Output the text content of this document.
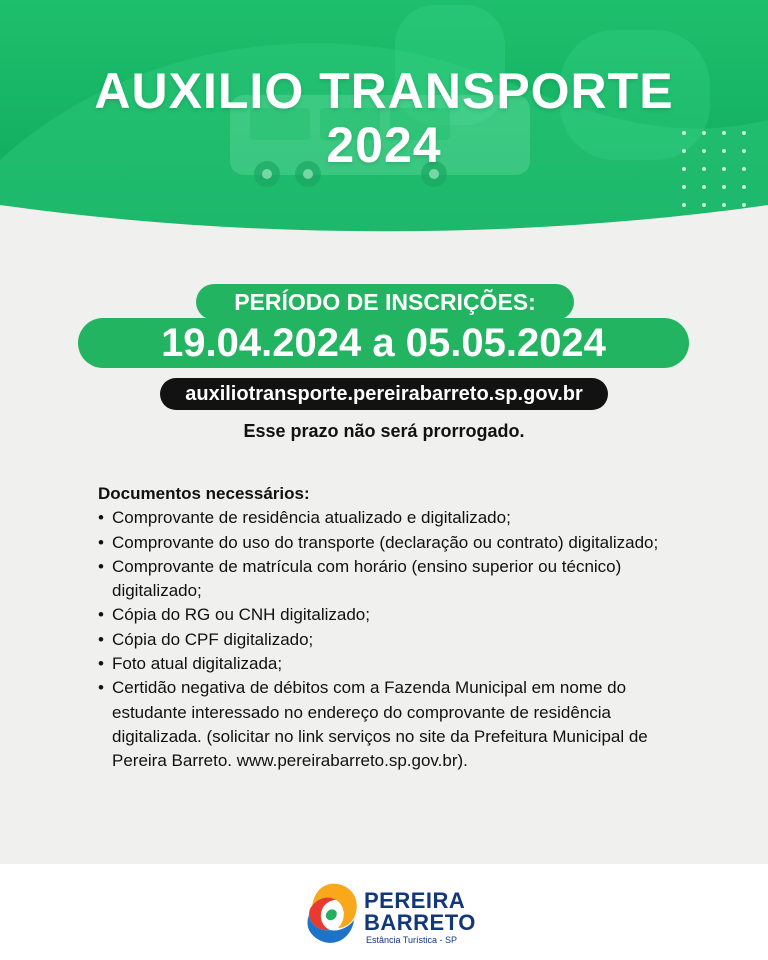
AUXILIO TRANSPORTE
2024
PERÍODO DE INSCRIÇÕES:
19.04.2024 a 05.05.2024
auxiliotransporte.pereirabarreto.sp.gov.br
Esse prazo não será prorrogado.
Documentos necessários:
• Comprovante de residência atualizado e digitalizado;
• Comprovante do uso do transporte (declaração ou contrato) digitalizado;
• Comprovante de matrícula com horário (ensino superior ou técnico) digitalizado;
• Cópia do RG ou CNH digitalizado;
• Cópia do CPF digitalizado;
• Foto atual digitalizada;
• Certidão negativa de débitos com a Fazenda Municipal em nome do estudante interessado no endereço do comprovante de residência digitalizada. (solicitar no link serviços no site da Prefeitura Municipal de Pereira Barreto. www.pereirabarreto.sp.gov.br).
PEREIRA
BARRETO
Estância Turística - SP
